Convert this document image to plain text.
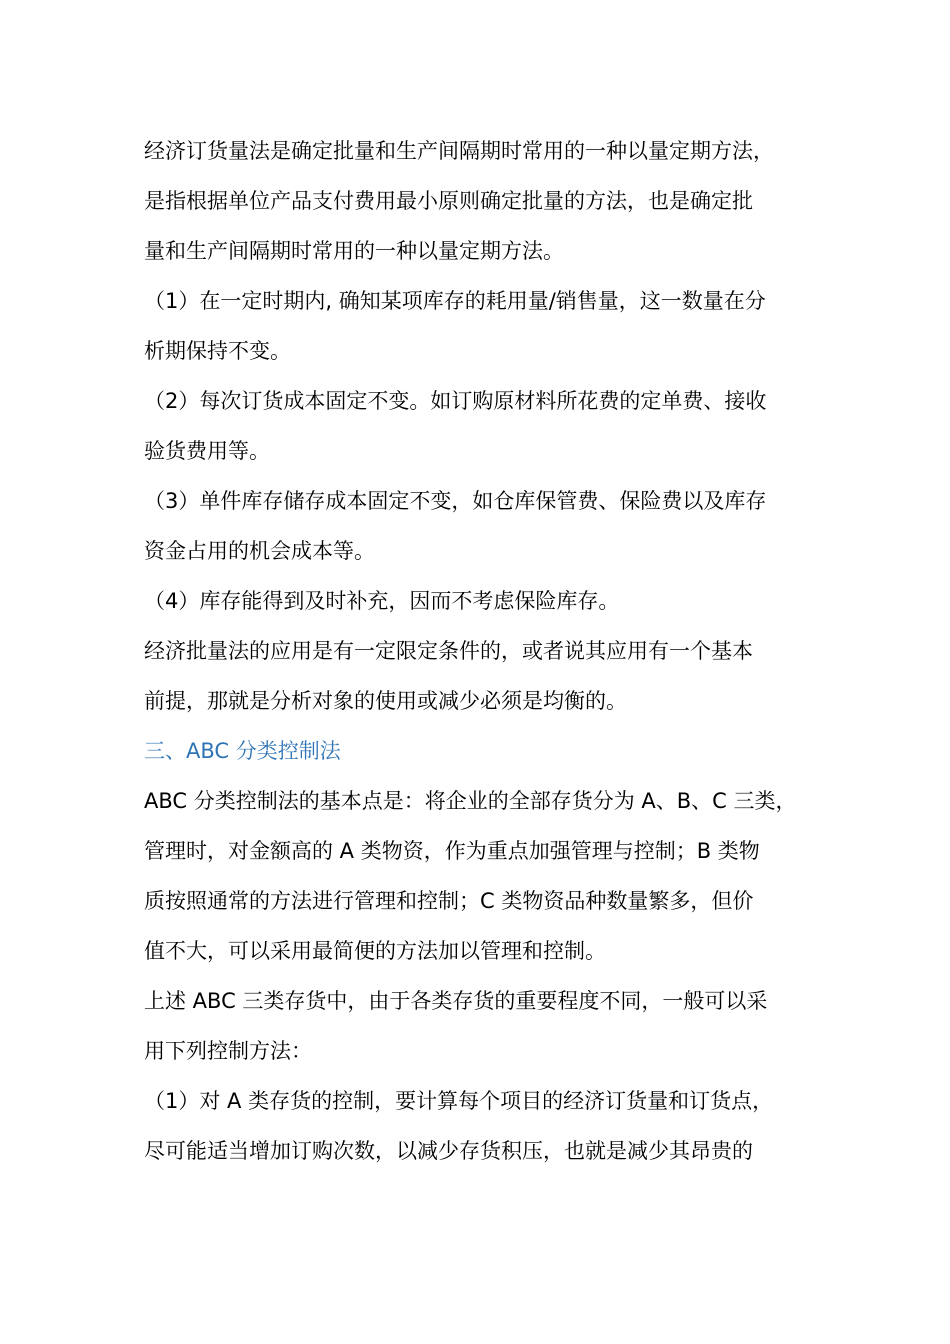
经济订货量法是确定批量和生产间隔期时常用的一种以量定期方法，
是指根据单位产品支付费用最小原则确定批量的方法，也是确定批
量和生产间隔期时常用的一种以量定期方法。
（1）在一定时期内, 确知某项库存的耗用量/销售量，这一数量在分
析期保持不变。
（2）每次订货成本固定不变。如订购原材料所花费的定单费、接收
验货费用等。
（3）单件库存储存成本固定不变，如仓库保管费、保险费以及库存
资金占用的机会成本等。
（4）库存能得到及时补充，因而不考虑保险库存。
经济批量法的应用是有一定限定条件的，或者说其应用有一个基本
前提，那就是分析对象的使用或减少必须是均衡的。
三、ABC 分类控制法
ABC 分类控制法的基本点是：将企业的全部存货分为 A、B、C 三类，
管理时，对金额高的 A 类物资，作为重点加强管理与控制；B 类物
质按照通常的方法进行管理和控制；C 类物资品种数量繁多，但价
值不大，可以采用最简便的方法加以管理和控制。
上述 ABC 三类存货中，由于各类存货的重要程度不同，一般可以采
用下列控制方法：
（1）对 A 类存货的控制，要计算每个项目的经济订货量和订货点，
尽可能适当增加订购次数，以减少存货积压，也就是减少其昂贵的
